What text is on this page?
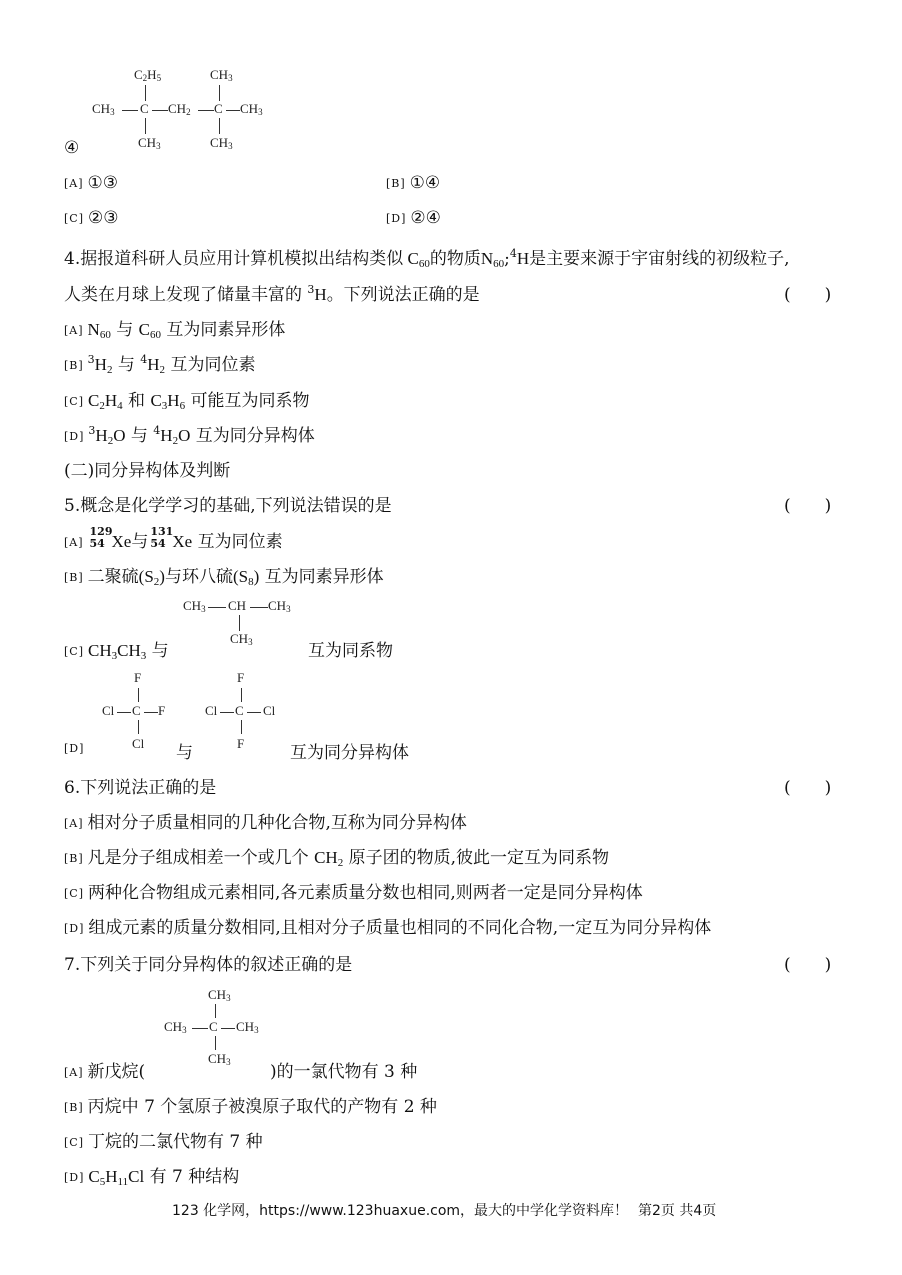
$C_2H_5$	$CH_3$
$CH_3$ C $CH_2$ C $CH_3$
$CH_3$	$CH_3$
④
[A] ①③	[B] ①④
[C] ②③	[D] ②④
4.据报道科研人员应用计算机模拟出结构类似 $C_{60}$的物质$N_{60};^4H$是主要来源于宇宙射线的初级粒子,
人类在月球上发现了储量丰富的 $^3$H。下列说法正确的是	(　　)
[A] $N_{60}$ 与 $C_{60}$ 互为同素异形体
[B] $^3H_2$ 与 $^4H_2$ 互为同位素
[C] $C_2H_4$ 和 $C_3H_6$ 可能互为同系物
[D] $^3H_2O$ 与 $^4H_2O$ 互为同分异构体
(二)同分异构体及判断
5.概念是化学学习的基础,下列说法错误的是	(　　)
[A]
129
54 Xe与
131
54 Xe 互为同位素
[B] 二聚硫$(S_2)$与环八硫$(S_8)$ 互为同素异形体
$CH_3$ CH $CH_3$
$CH_3$
[C] $CH_3CH_3$ 与	互为同系物
F
Cl C F
Cl
F
Cl C Cl
F
[D]	与	互为同分异构体
6.下列说法正确的是	(　　)
[A] 相对分子质量相同的几种化合物,互称为同分异构体
[B] 凡是分子组成相差一个或几个 $CH_2$ 原子团的物质,彼此一定互为同系物
[C] 两种化合物组成元素相同,各元素质量分数也相同,则两者一定是同分异构体
[D] 组成元素的质量分数相同,且相对分子质量也相同的不同化合物,一定互为同分异构体
7.下列关于同分异构体的叙述正确的是	(　　)
$CH_3$
$CH_3$ C $CH_3$
$CH_3$
[A] 新戊烷(	)的一氯代物有 3 种
[B] 丙烷中 7 个氢原子被溴原子取代的产物有 2 种
[C] 丁烷的二氯代物有 7 种
[D] $C_5H_{11}Cl$ 有 7 种结构
123 化学网，https://www.123huaxue.com，最大的中学化学资料库！ 第2页 共4页
